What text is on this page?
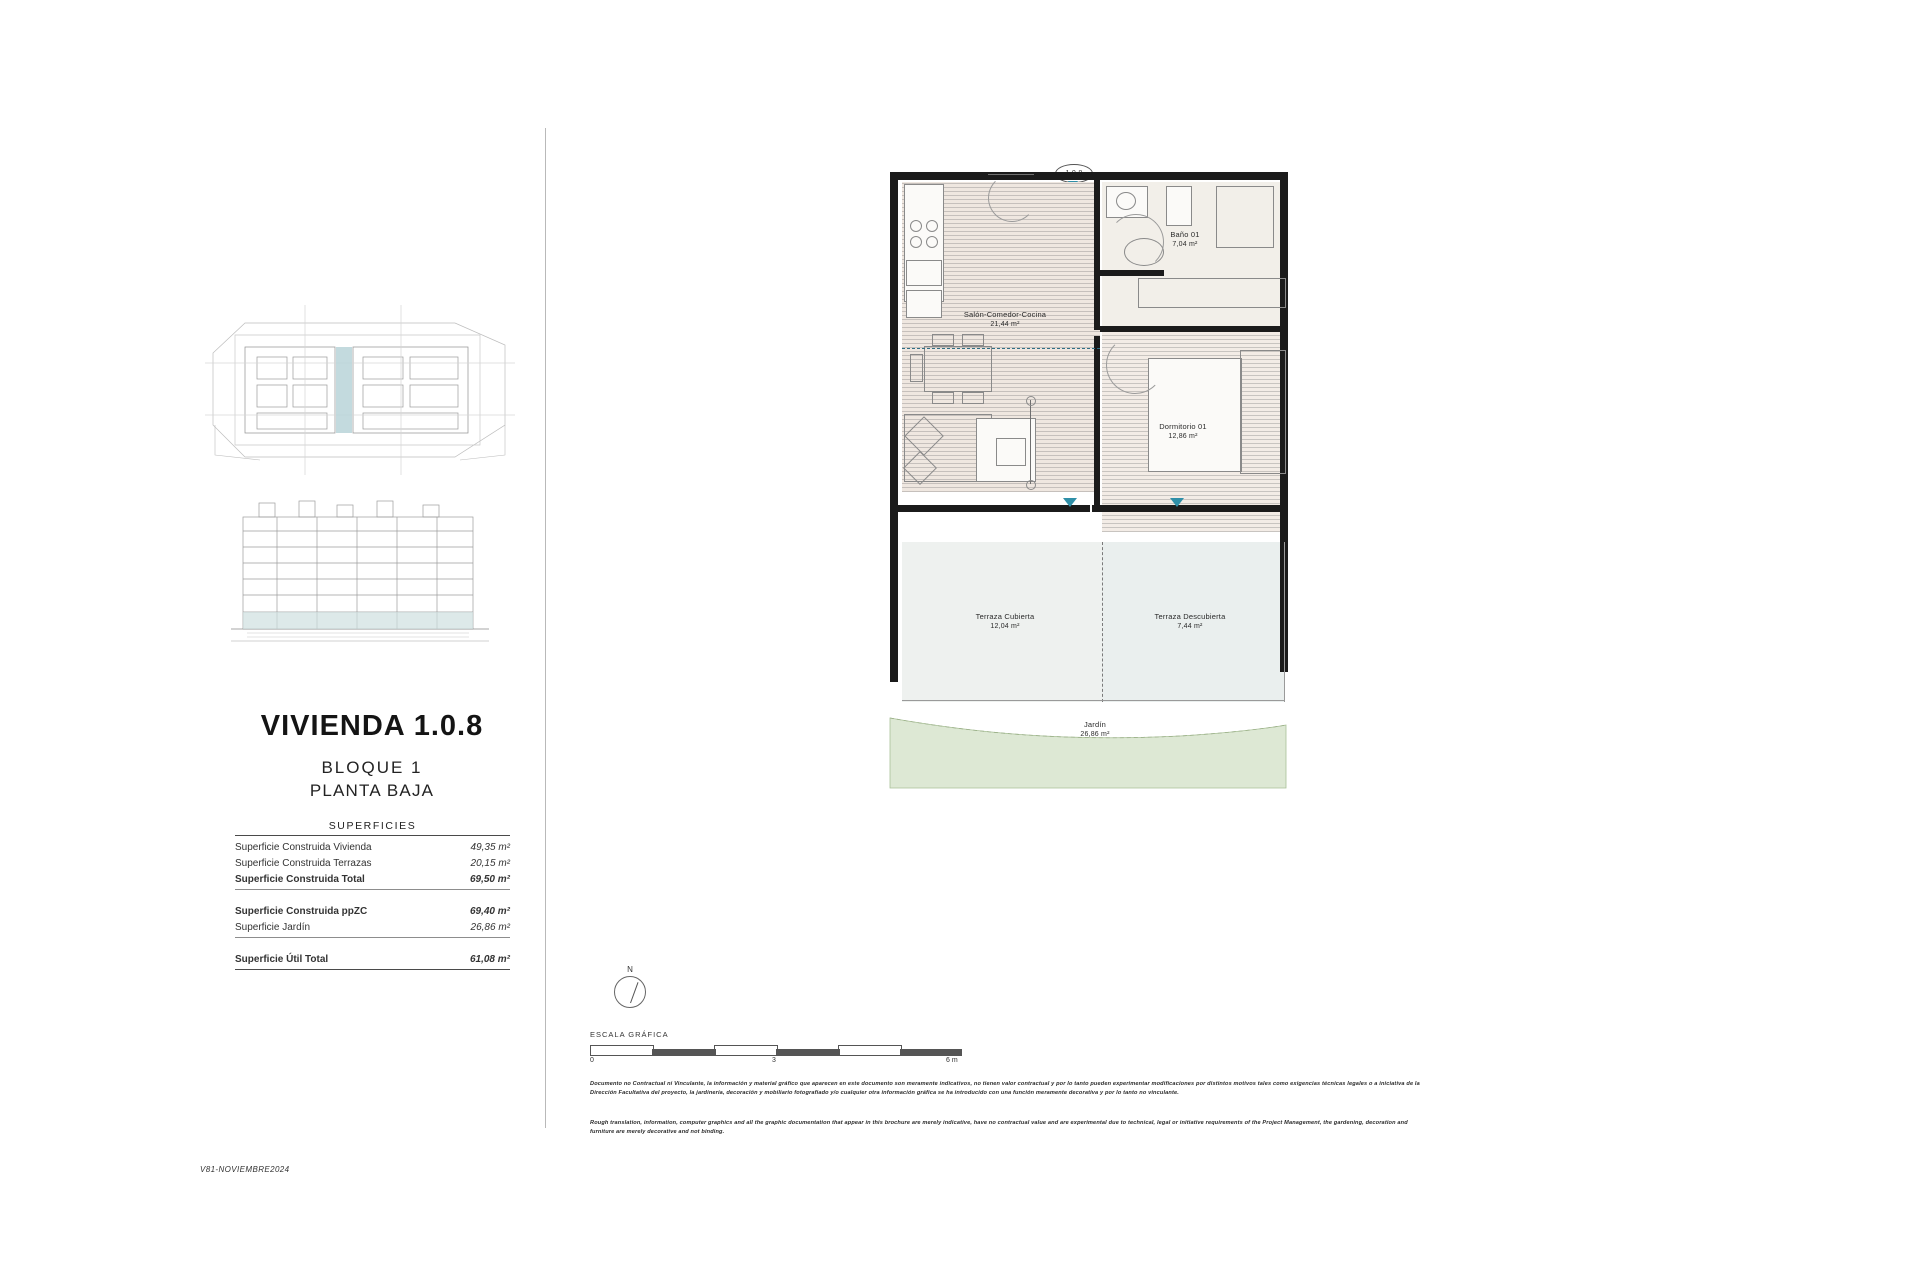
VIVIENDA 1.0.8

BLOQUE 1

PLANTA BAJA

SUPERFICIES
Superficie Construida Vivienda	49,35 m²
Superficie Construida Terrazas	20,15 m²
Superficie Construida Total	69,50 m²
Superficie Construida ppZC	69,40 m²
Superficie Jardín	26,86 m²
Superficie Útil Total	61,08 m²
V81-NOVIEMBRE2024
Salón-Comedor-Cocina
21,44 m²
Baño 01
7,04 m²
Dormitorio 01
12,86 m²
Terraza Cubierta
12,04 m²
Terraza Descubierta
7,44 m²
Jardín
26,86 m²
N
ESCALA GRÁFICA
0	3	6 m

Documento no Contractual ni Vinculante, la información y material gráfico que aparecen en este documento son meramente indicativos, no tienen valor contractual y por lo tanto pueden experimentar modificaciones por distintos motivos tales como exigencias técnicas legales o a iniciativa de la Dirección Facultativa del proyecto, la jardinería, decoración y mobiliario fotografiado y/o cualquier otra información gráfica se ha introducido con una función meramente decorativa y por lo tanto no vinculante.

Rough translation, information, computer graphics and all the graphic documentation that appear in this brochure are merely indicative, have no contractual value and are experimental due to technical, legal or initiative requirements of the Project Management, the gardening, decoration and furniture are merely decorative and not binding.
